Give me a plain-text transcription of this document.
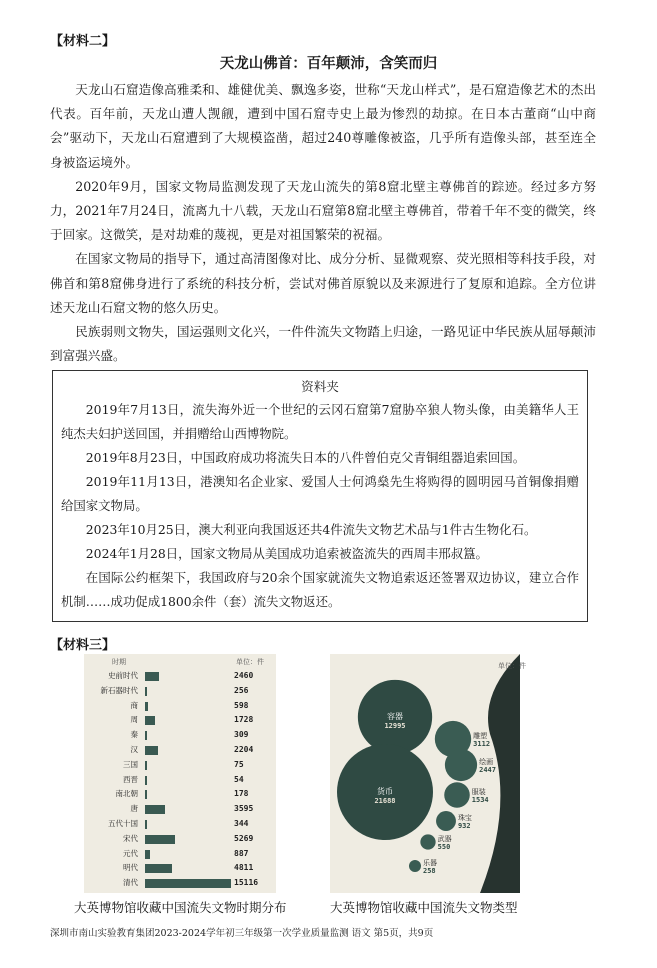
【材料二】
天龙山佛首：百年颠沛，含笑而归

天龙山石窟造像高雅柔和、雄健优美、飘逸多姿，世称“天龙山样式”，是石窟造像艺术的杰出代表。百年前，天龙山遭人觊觎，遭到中国石窟寺史上最为惨烈的劫掠。在日本古董商“山中商会”驱动下，天龙山石窟遭到了大规模盗凿，超过240尊雕像被盗，几乎所有造像头部，甚至连全身被盗运境外。

2020年9月，国家文物局监测发现了天龙山流失的第8窟北壁主尊佛首的踪迹。经过多方努力，2021年7月24日，流离九十八载，天龙山石窟第8窟北壁主尊佛首，带着千年不变的微笑，终于回家。这微笑，是对劫难的蔑视，更是对祖国繁荣的祝福。

在国家文物局的指导下，通过高清图像对比、成分分析、显微观察、荧光照相等科技手段，对佛首和第8窟佛身进行了系统的科技分析，尝试对佛首原貌以及来源进行了复原和追踪。全方位讲述天龙山石窟文物的悠久历史。

民族弱则文物失，国运强则文化兴，一件件流失文物踏上归途，一路见证中华民族从屈辱颠沛到富强兴盛。

资料夹

2019年7月13日，流失海外近一个世纪的云冈石窟第7窟胁卒狼人物头像，由美籍华人王纯杰夫妇护送回国，并捐赠给山西博物院。

2019年8月23日，中国政府成功将流失日本的八件曾伯克父青铜组器追索回国。

2019年11月13日，港澳知名企业家、爱国人士何鸿燊先生将购得的圆明园马首铜像捐赠给国家文物局。

2023年10月25日，澳大利亚向我国返还共4件流失文物艺术品与1件古生物化石。

2024年1月28日，国家文物局从美国成功追索被盗流失的西周丰邢叔簋。

在国际公约框架下，我国政府与20余个国家就流失文物追索返还签署双边协议，建立合作机制……成功促成1800余件（套）流失文物返还。

【材料三】
时期	单位：件
史前时代	2460
新石器时代	256
商	598
周	1728
秦	309
汉	2204
三国	75
西晋	54
南北朝	178
唐	3595
五代十国	344
宋代	5269
元代	887
明代	4811
清代	15116
大英博物馆收藏中国流失文物时期分布
单位：件
容器
12995
货币
21688
雕塑
3112
绘画
2447
服装
1534
珠宝
932
武器
550
乐器
258
大英博物馆收藏中国流失文物类型
深圳市南山实验教育集团2023-2024学年初三年级第一次学业质量监测 语文 第5页，共9页
